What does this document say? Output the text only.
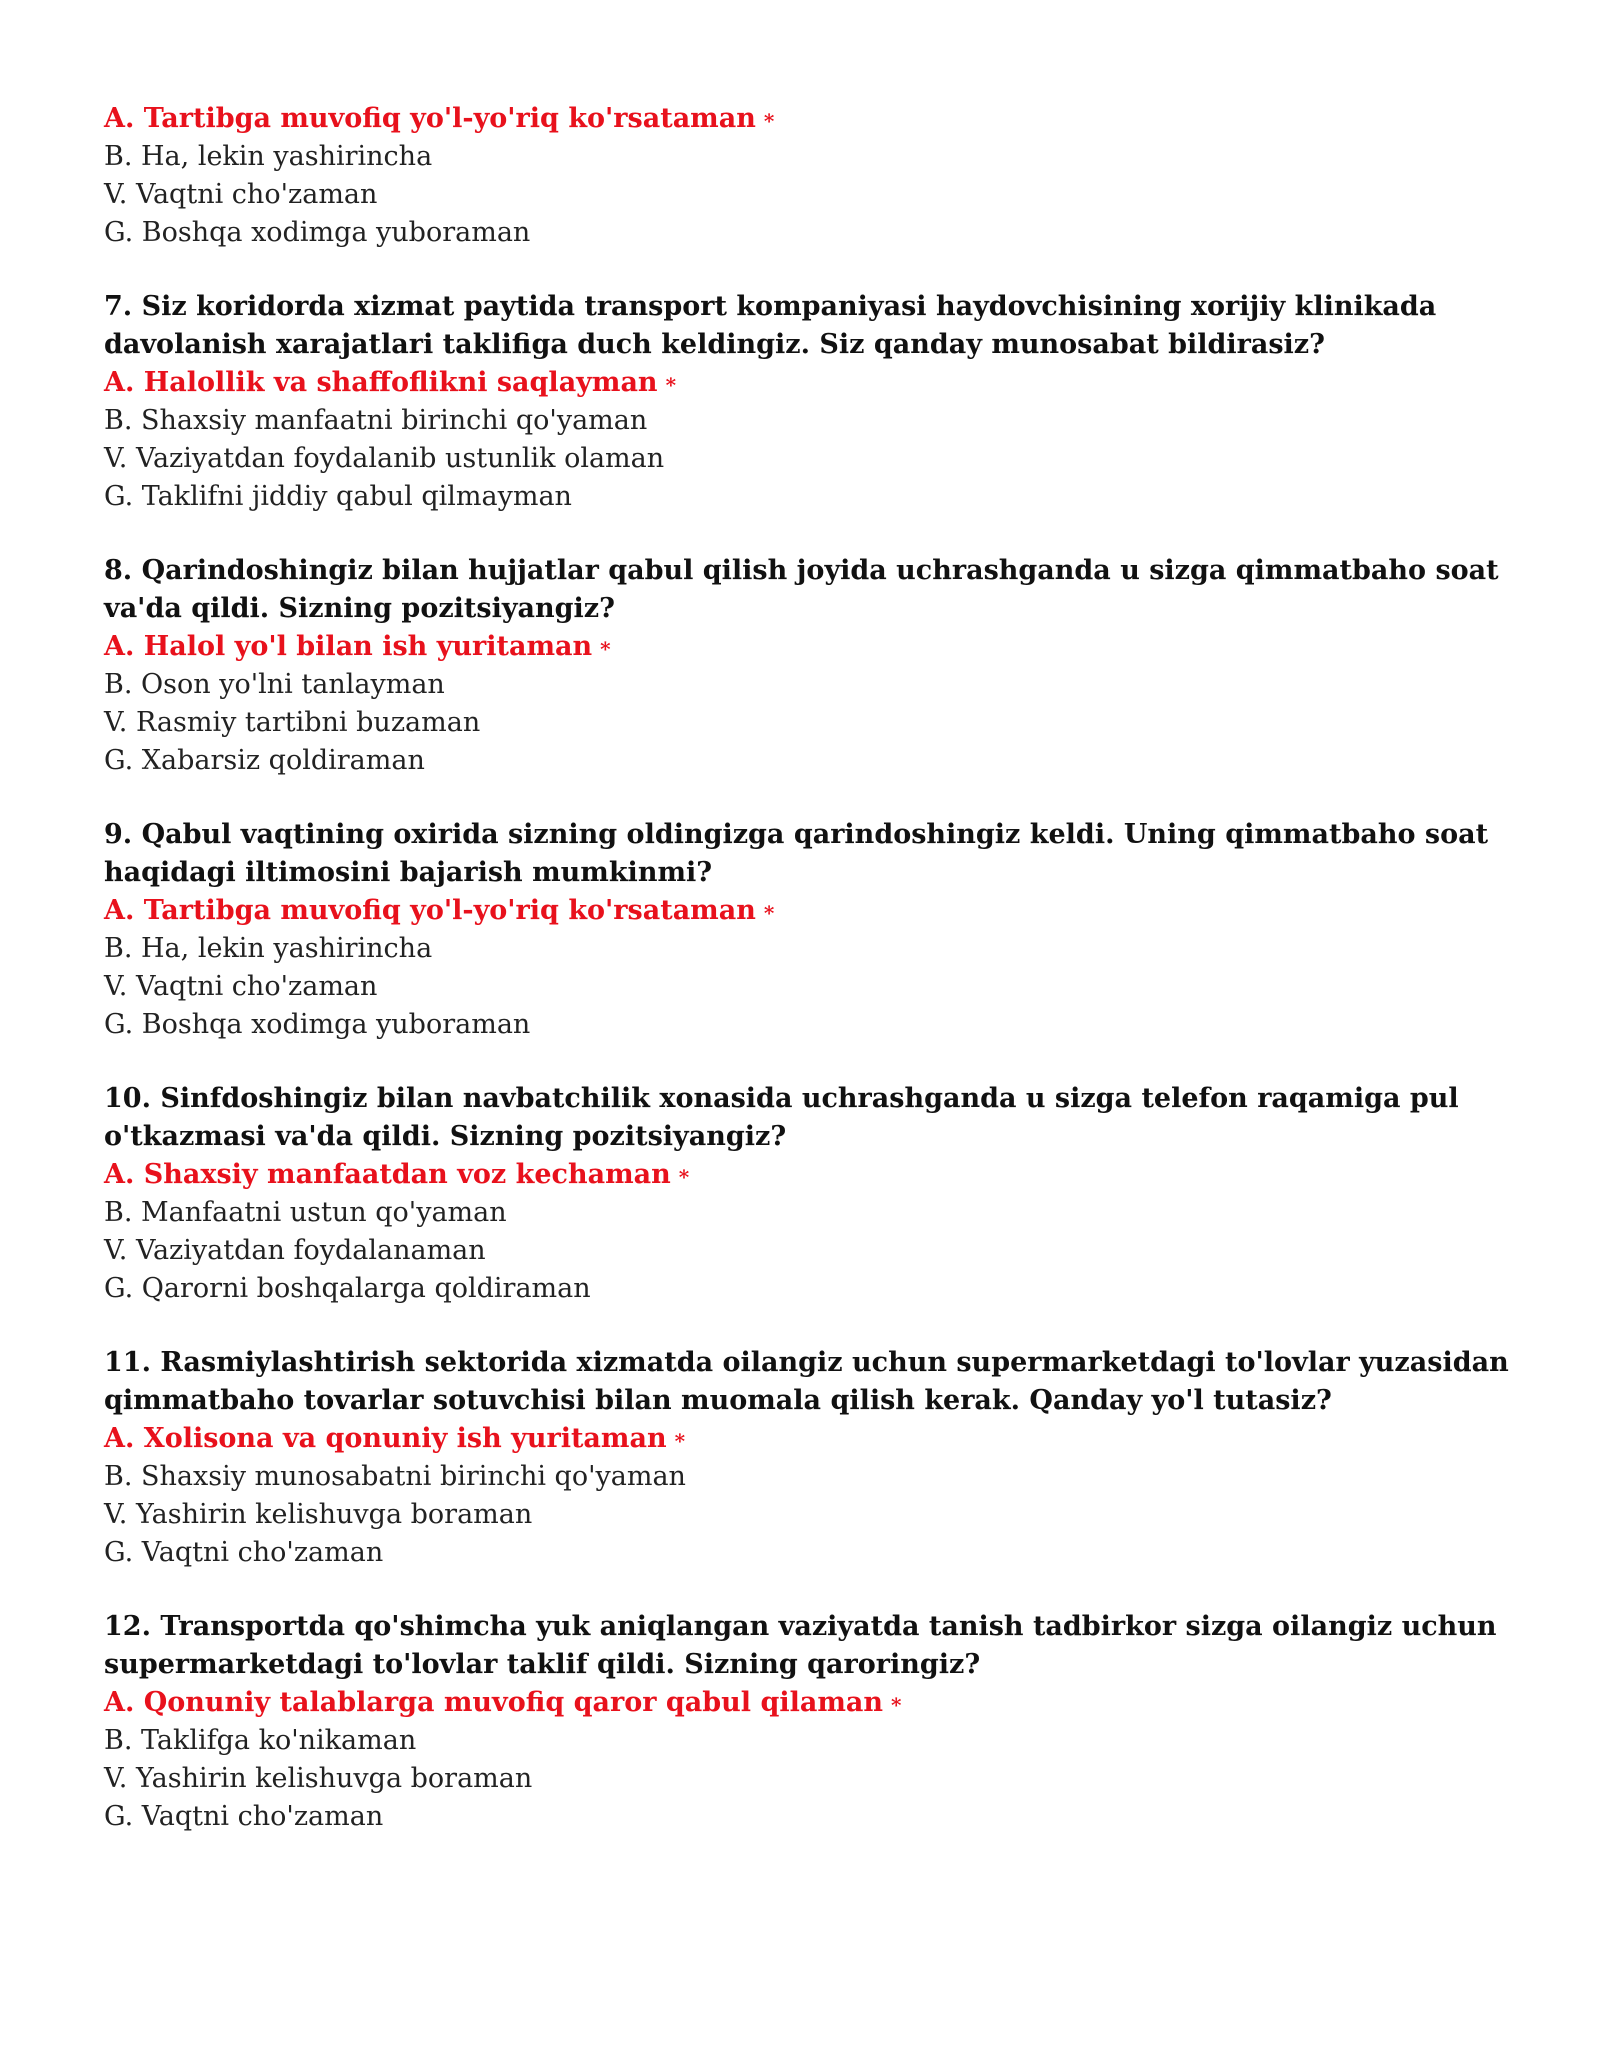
A. Tartibga muvofiq yo'l-yo'riq ko'rsataman *

B. Ha, lekin yashirincha

V. Vaqtni cho'zaman

G. Boshqa xodimga yuboraman

7. Siz koridorda xizmat paytida transport kompaniyasi haydovchisining xorijiy klinikada davolanish xarajatlari taklifiga duch keldingiz. Siz qanday munosabat bildirasiz?

A. Halollik va shaffoflikni saqlayman *

B. Shaxsiy manfaatni birinchi qo'yaman

V. Vaziyatdan foydalanib ustunlik olaman

G. Taklifni jiddiy qabul qilmayman

8. Qarindoshingiz bilan hujjatlar qabul qilish joyida uchrashganda u sizga qimmatbaho soat va'da qildi. Sizning pozitsiyangiz?

A. Halol yo'l bilan ish yuritaman *

B. Oson yo'lni tanlayman

V. Rasmiy tartibni buzaman

G. Xabarsiz qoldiraman

9. Qabul vaqtining oxirida sizning oldingizga qarindoshingiz keldi. Uning qimmatbaho soat haqidagi iltimosini bajarish mumkinmi?

A. Tartibga muvofiq yo'l-yo'riq ko'rsataman *

B. Ha, lekin yashirincha

V. Vaqtni cho'zaman

G. Boshqa xodimga yuboraman

10. Sinfdoshingiz bilan navbatchilik xonasida uchrashganda u sizga telefon raqamiga pul o'tkazmasi va'da qildi. Sizning pozitsiyangiz?

A. Shaxsiy manfaatdan voz kechaman *

B. Manfaatni ustun qo'yaman

V. Vaziyatdan foydalanaman

G. Qarorni boshqalarga qoldiraman

11. Rasmiylashtirish sektorida xizmatda oilangiz uchun supermarketdagi to'lovlar yuzasidan qimmatbaho tovarlar sotuvchisi bilan muomala qilish kerak. Qanday yo'l tutasiz?

A. Xolisona va qonuniy ish yuritaman *

B. Shaxsiy munosabatni birinchi qo'yaman

V. Yashirin kelishuvga boraman

G. Vaqtni cho'zaman

12. Transportda qo'shimcha yuk aniqlangan vaziyatda tanish tadbirkor sizga oilangiz uchun supermarketdagi to'lovlar taklif qildi. Sizning qaroringiz?

A. Qonuniy talablarga muvofiq qaror qabul qilaman *

B. Taklifga ko'nikaman

V. Yashirin kelishuvga boraman

G. Vaqtni cho'zaman
